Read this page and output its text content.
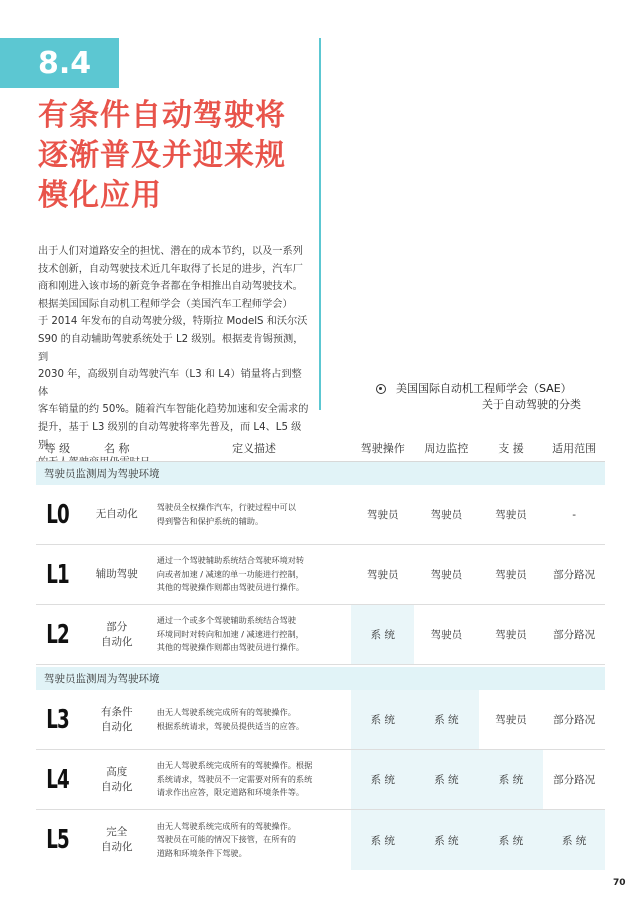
8.4
有条件自动驾驶将
逐渐普及并迎来规
模化应用
出于人们对道路安全的担忧、潜在的成本节约，以及一系列
技术创新，自动驾驶技术近几年取得了长足的进步，汽车厂
商和刚进入该市场的新竞争者都在争相推出自动驾驶技术。
根据美国国际自动机工程师学会（美国汽车工程师学会）
于 2014 年发布的自动驾驶分级，特斯拉 ModelS 和沃尔沃
S90 的自动辅助驾驶系统处于 L2 级别。根据麦肯锡预测，到
2030 年，高级别自动驾驶汽车（L3 和 L4）销量将占到整体
客车销量的约 50%。随着汽车智能化趋势加速和安全需求的
提升，基于 L3 级别的自动驾驶将率先普及，而 L4、L5 级别
美国国际自动机工程师学会（SAE）
关于自动驾驶的分类
等 级	名 称	定义描述	驾驶操作	周边监控	支 援	适用范围
驾驶员监测周为驾驶环境
L0	无自动化
驾驶员全权操作汽车，行驶过程中可以
得到警告和保护系统的辅助。	驾驶员	驾驶员	驾驶员	-
L1	辅助驾驶
通过一个驾驶辅助系统结合驾驶环境对转
向或者加速 / 减速的单一功能进行控制，
其他的驾驶操作则都由驾驶员进行操作。
驾驶员	驾驶员	驾驶员	部分路况
L2	部分
自动化
通过一个或多个驾驶辅助系统结合驾驶
环境同时对转向和加速 / 减速进行控制，
其他的驾驶操作则都由驾驶员进行操作。
系 统	驾驶员	驾驶员	部分路况
驾驶员监测周为驾驶环境
L3	有条件
自动化
由无人驾驶系统完成所有的驾驶操作。
根据系统请求，驾驶员提供适当的应答。	系 统	系 统	驾驶员	部分路况
L4	高度
自动化
由无人驾驶系统完成所有的驾驶操作。根据
系统请求，驾驶员不一定需要对所有的系统
请求作出应答，限定道路和环境条件等。
系 统	系 统	系 统	部分路况
L5	完全
自动化
由无人驾驶系统完成所有的驾驶操作。
驾驶员在可能的情况下接管，在所有的
道路和环境条件下驾驶。
系 统	系 统	系 统	系 统
70
